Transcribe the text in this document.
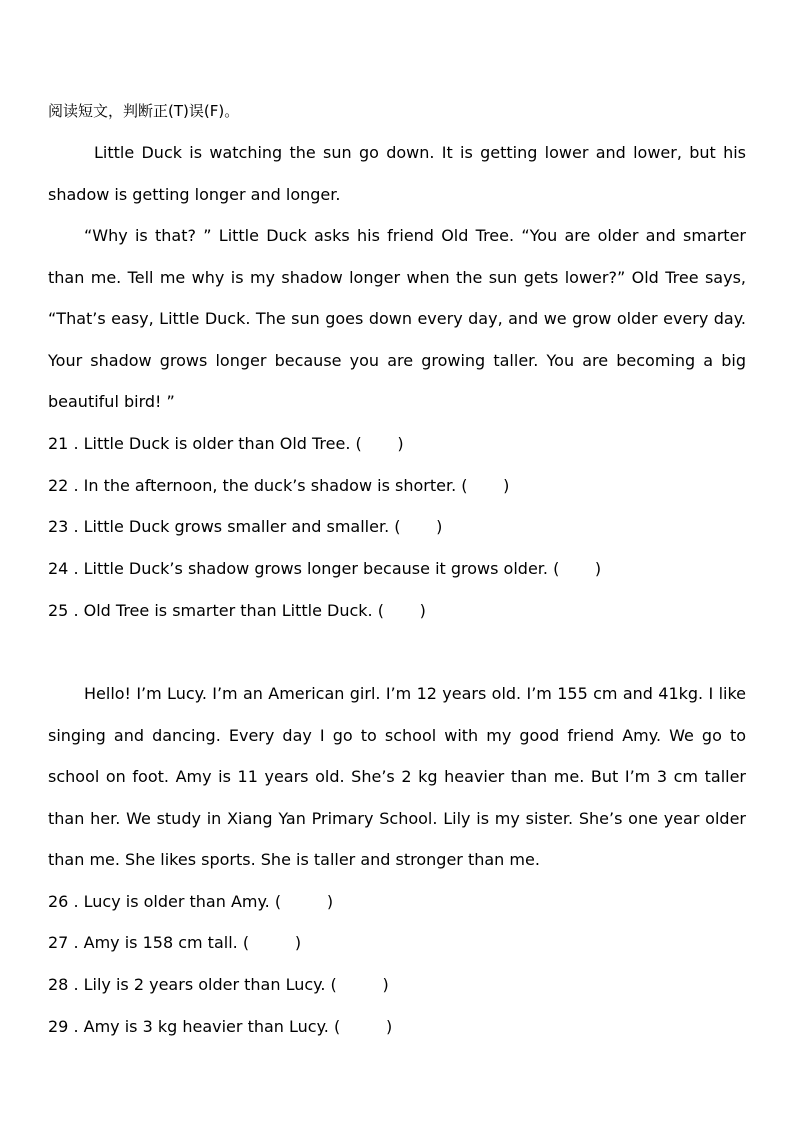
阅读短文，判断正(T)误(F)。

Little Duck is watching the sun go down. It is getting lower and lower, but his shadow is getting longer and longer.

“Why is that? ” Little Duck asks his friend Old Tree. “You are older and smarter than me. Tell me why is my shadow longer when the sun gets lower?” Old Tree says, “That’s easy, Little Duck. The sun goes down every day, and we grow older every day. Your shadow grows longer because you are growing taller. You are becoming a big beautiful bird! ”

21 . Little Duck is older than Old Tree. ( )
22 . In the afternoon, the duck’s shadow is shorter. ( )
23 . Little Duck grows smaller and smaller. ( )
24 . Little Duck’s shadow grows longer because it grows older. ( )
25 . Old Tree is smarter than Little Duck. ( )

Hello! I’m Lucy. I’m an American girl. I’m 12 years old. I’m 155 cm and 41kg. I like singing and dancing. Every day I go to school with my good friend Amy. We go to school on foot. Amy is 11 years old. She’s 2 kg heavier than me. But I’m 3 cm taller than her. We study in Xiang Yan Primary School. Lily is my sister. She’s one year older than me. She likes sports. She is taller and stronger than me.

26 . Lucy is older than Amy. (	)
27 . Amy is 158 cm tall. (	)
28 . Lily is 2 years older than Lucy. (	)
29 . Amy is 3 kg heavier than Lucy. (	)
